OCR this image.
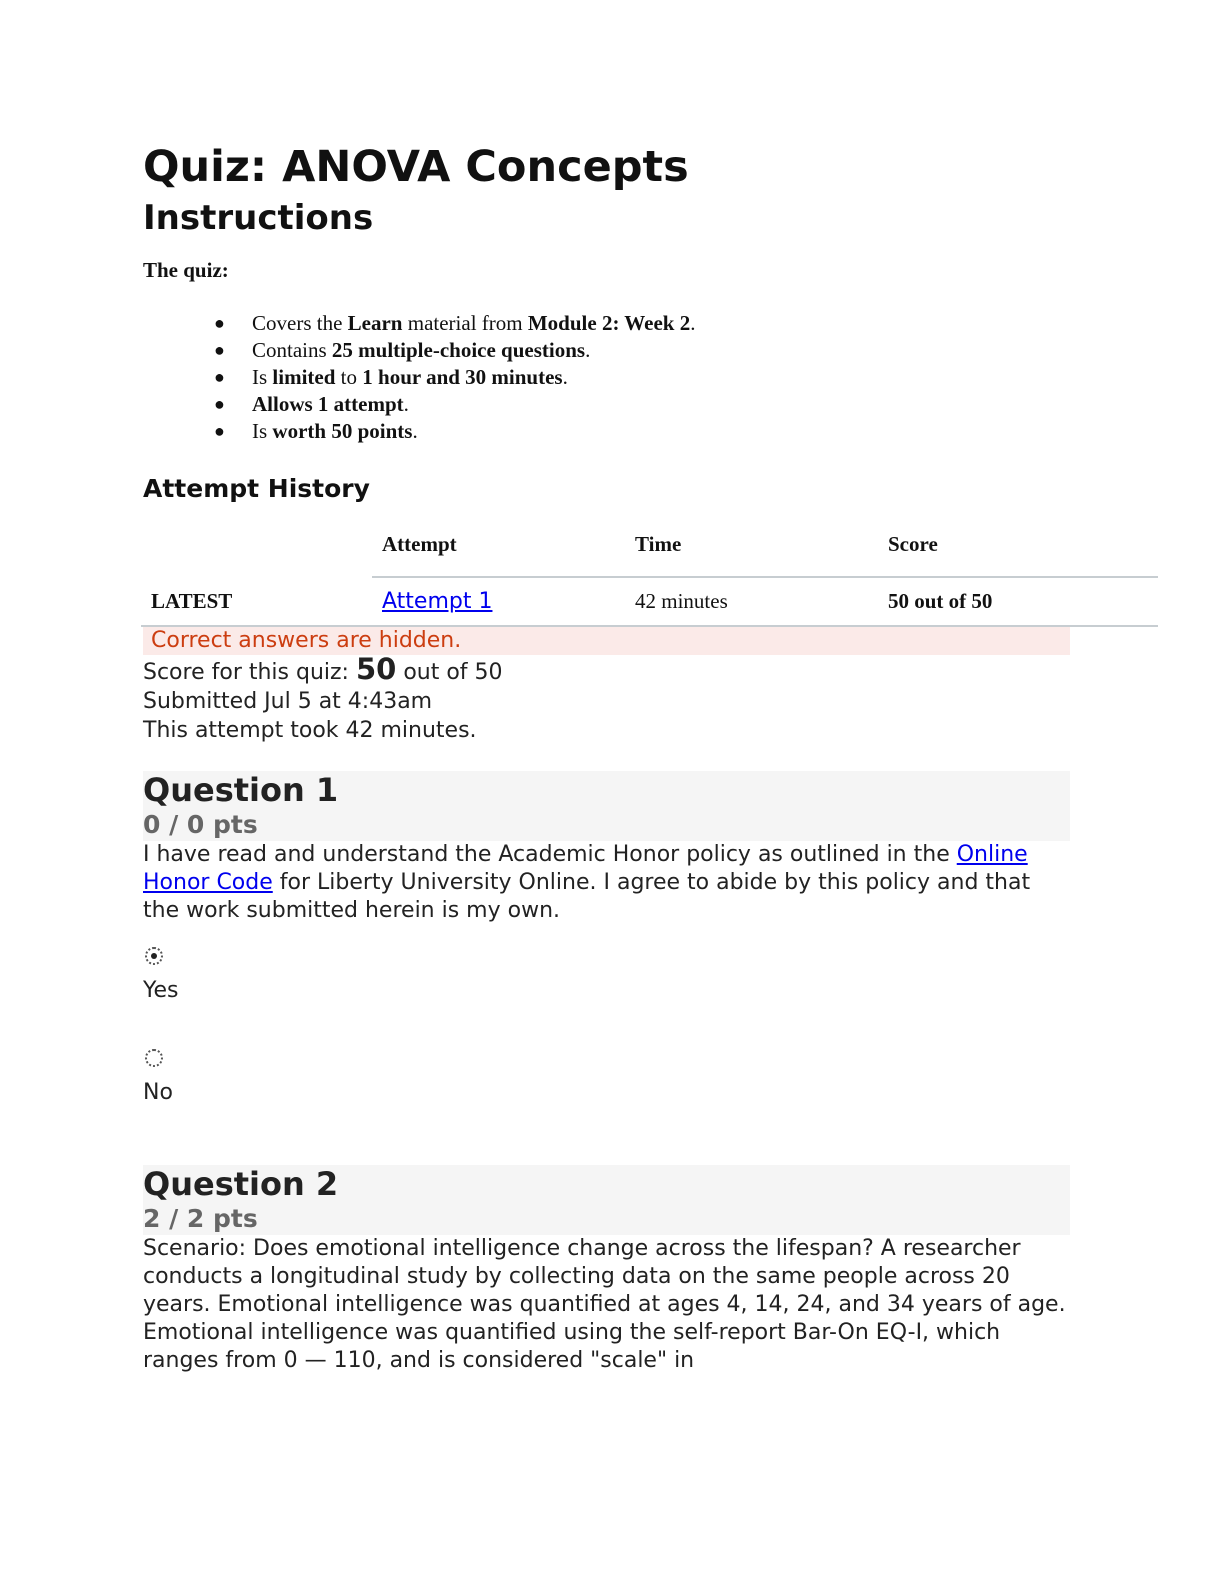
Quiz: ANOVA Concepts
Instructions
The quiz:
● Covers the Learn material from Module 2: Week 2.
● Contains 25 multiple-choice questions.
● Is limited to 1 hour and 30 minutes.
● Allows 1 attempt.
● Is worth 50 points.
Attempt History
	Attempt	Time	Score
LATEST	Attempt 1	42 minutes	50 out of 50
Correct answers are hidden.
Score for this quiz: 50 out of 50
Submitted Jul 5 at 4:43am
This attempt took 42 minutes.
Question 1
0 / 0 pts
I have read and understand the Academic Honor policy as outlined in the Online Honor Code for Liberty University Online. I agree to abide by this policy and that the work submitted herein is my own.
Yes
No
Question 2
2 / 2 pts
Scenario: Does emotional intelligence change across the lifespan? A researcher conducts a longitudinal study by collecting data on the same people across 20 years. Emotional intelligence was quantified at ages 4, 14, 24, and 34 years of age. Emotional intelligence was quantified using the self-report Bar-On EQ-I, which ranges from 0 — 110, and is considered "scale" in
